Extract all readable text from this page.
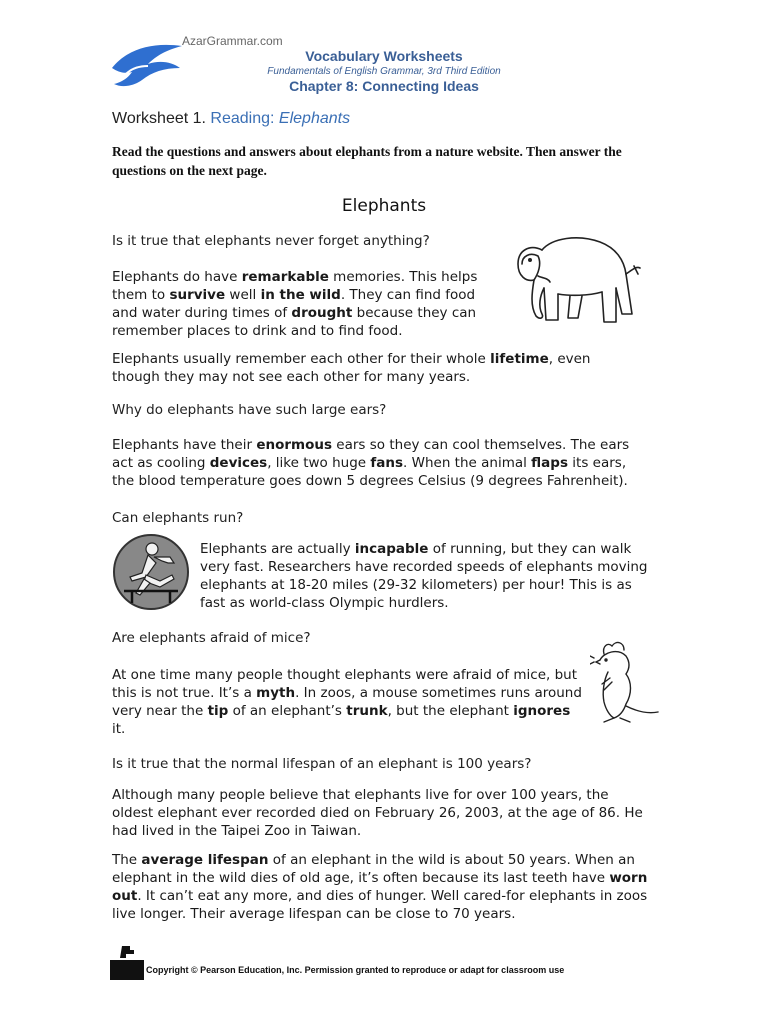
AzarGrammar.com
Vocabulary Worksheets
Fundamentals of English Grammar, 3rd Third Edition
Chapter 8: Connecting Ideas
Worksheet 1. Reading: Elephants
Read the questions and answers about elephants from a nature website. Then answer the questions on the next page.
Elephants
Is it true that elephants never forget anything?
Elephants do have remarkable memories. This helps them to survive well in the wild. They can find food and water during times of drought because they can remember places to drink and to find food.
Elephants usually remember each other for their whole lifetime, even though they may not see each other for many years.
Why do elephants have such large ears?
Elephants have their enormous ears so they can cool themselves. The ears act as cooling devices, like two huge fans. When the animal flaps its ears, the blood temperature goes down 5 degrees Celsius (9 degrees Fahrenheit).
Can elephants run?
Elephants are actually incapable of running, but they can walk very fast. Researchers have recorded speeds of elephants moving elephants at 18-20 miles (29-32 kilometers) per hour! This is as fast as world-class Olympic hurdlers.
Are elephants afraid of mice?
At one time many people thought elephants were afraid of mice, but this is not true. It’s a myth. In zoos, a mouse sometimes runs around very near the tip of an elephant’s trunk, but the elephant ignores it.
Is it true that the normal lifespan of an elephant is 100 years?
Although many people believe that elephants live for over 100 years, the oldest elephant ever recorded died on February 26, 2003, at the age of 86. He had lived in the Taipei Zoo in Taiwan.
The average lifespan of an elephant in the wild is about 50 years. When an elephant in the wild dies of old age, it’s often because its last teeth have worn out. It can’t eat any more, and dies of hunger. Well cared-for elephants in zoos live longer. Their average lifespan can be close to 70 years.
Copyright © Pearson Education, Inc. Permission granted to reproduce or adapt for classroom use
